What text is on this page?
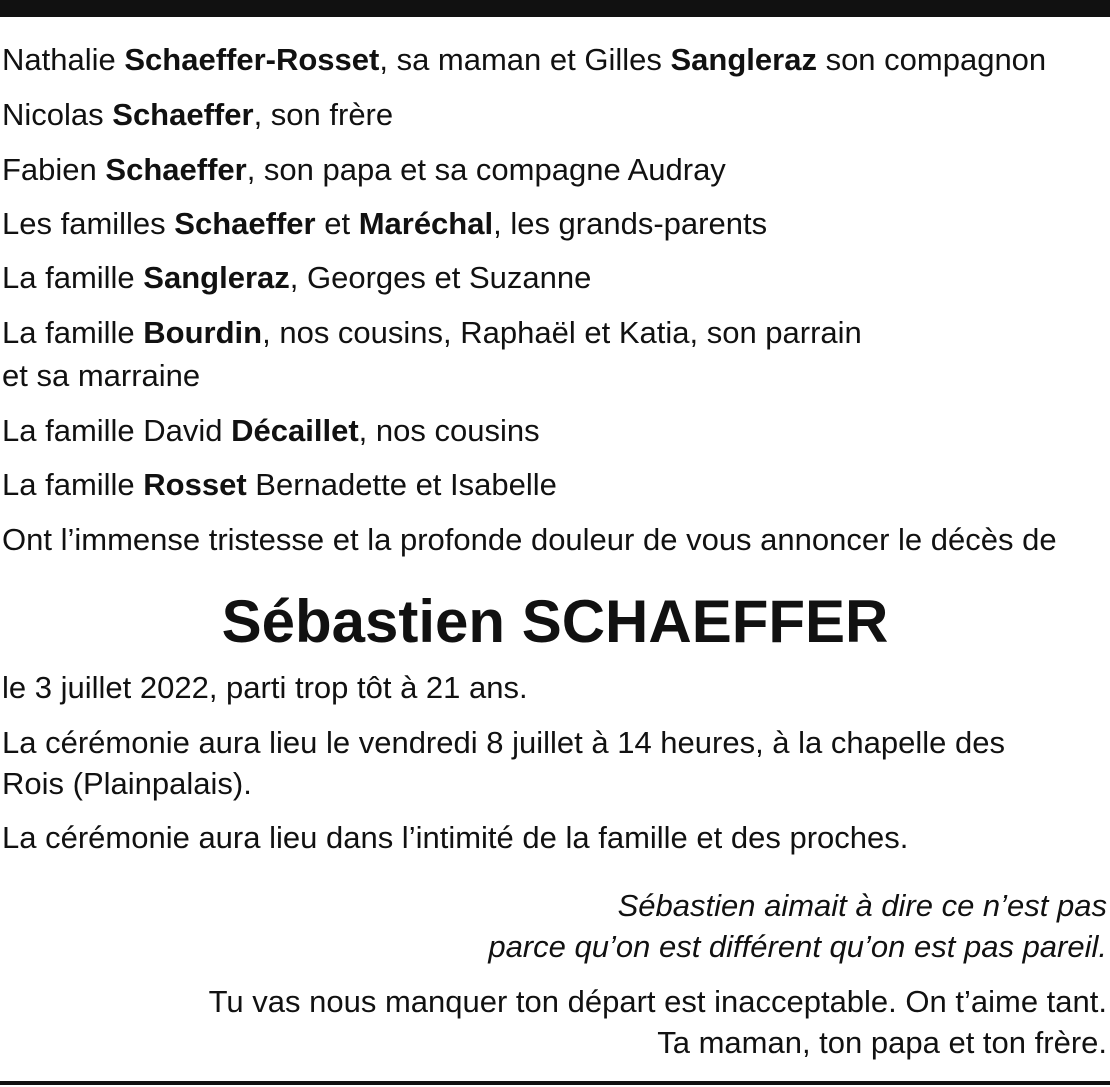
Nathalie Schaeffer-Rosset, sa maman et Gilles Sangleraz son compagnon
Nicolas Schaeffer, son frère
Fabien Schaeffer, son papa et sa compagne Audray
Les familles Schaeffer et Maréchal, les grands-parents
La famille Sangleraz, Georges et Suzanne
La famille Bourdin, nos cousins, Raphaël et Katia, son parrain
et sa marraine
La famille David Décaillet, nos cousins
La famille Rosset Bernadette et Isabelle
Ont l’immense tristesse et la profonde douleur de vous annoncer le décès de
Sébastien SCHAEFFER
le 3 juillet 2022, parti trop tôt à 21 ans.
La cérémonie aura lieu le vendredi 8 juillet à 14 heures, à la chapelle des
Rois (Plainpalais).
La cérémonie aura lieu dans l’intimité de la famille et des proches.
Sébastien aimait à dire ce n’est pas
parce qu’on est différent qu’on est pas pareil.
Tu vas nous manquer ton départ est inacceptable. On t’aime tant.
Ta maman, ton papa et ton frère.
